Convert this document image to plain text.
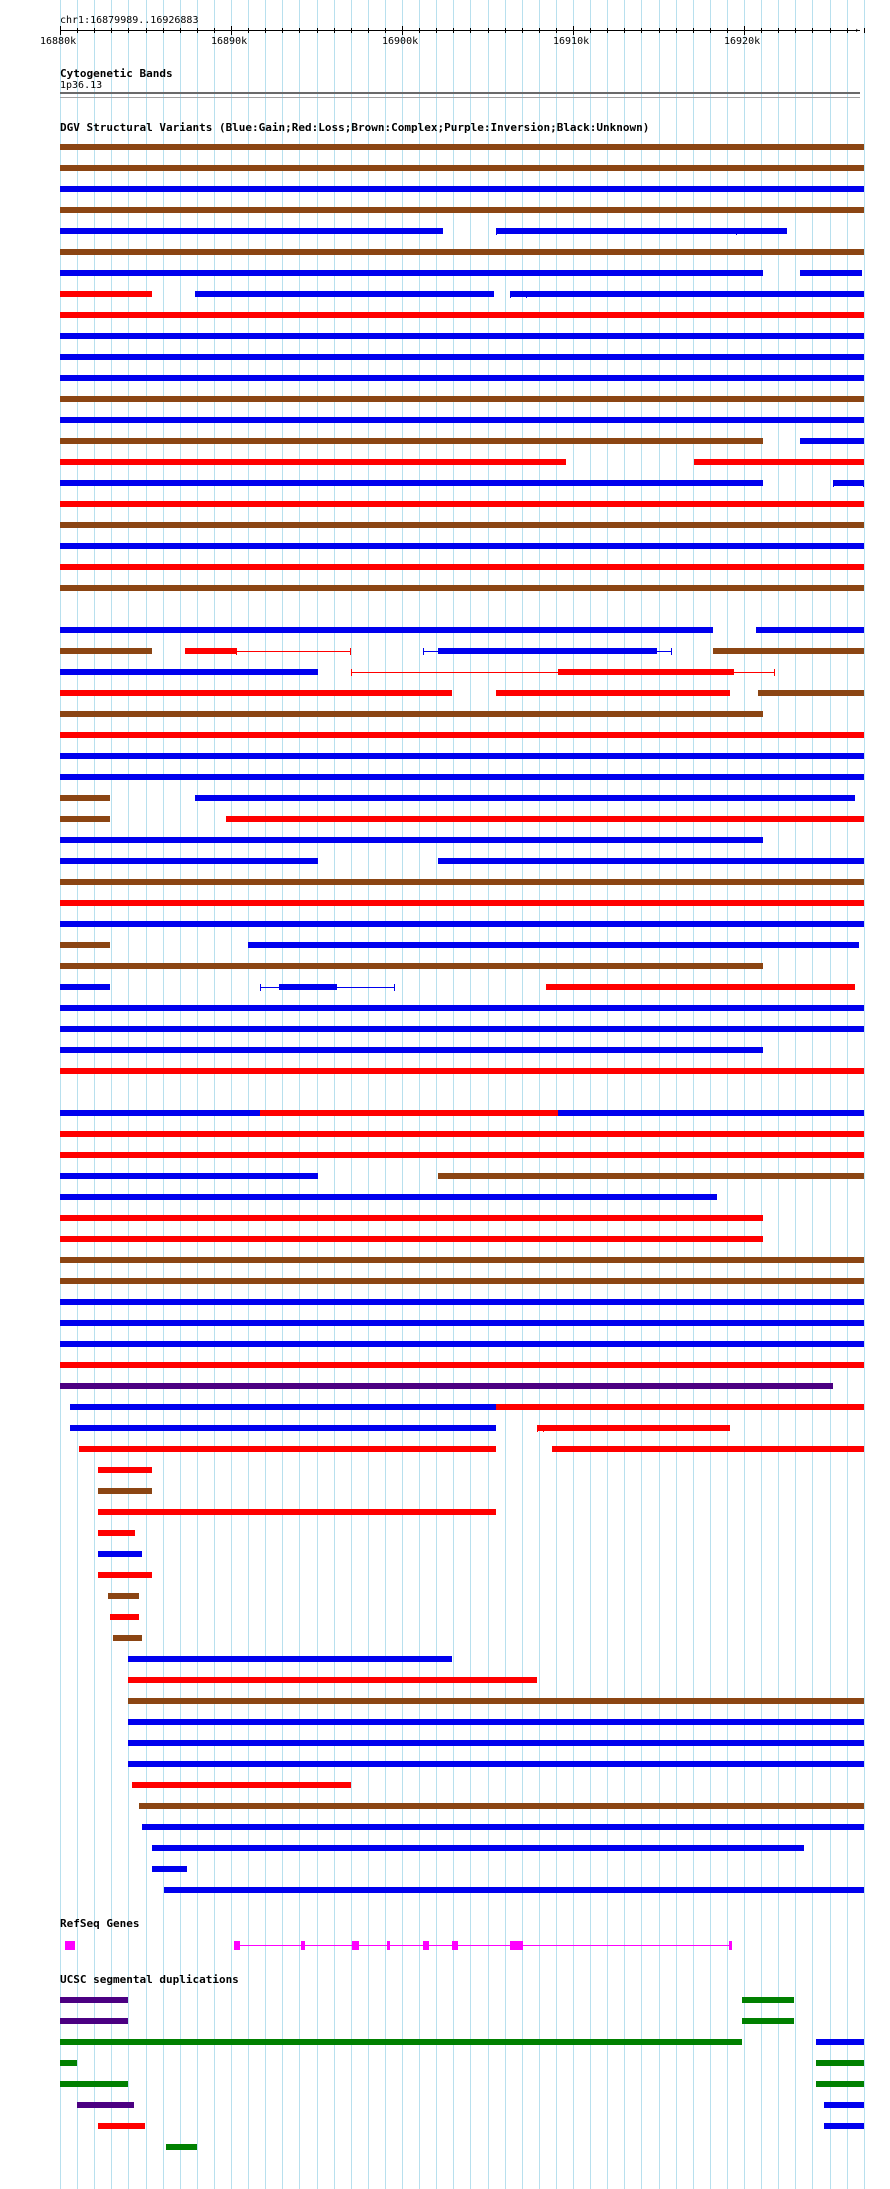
chr1:16879989..16926883
→
16880k	16890k	16900k	16910k	16920k
Cytogenetic Bands
1p36.13
DGV Structural Variants (Blue:Gain;Red:Loss;Brown:Complex;Purple:Inversion;Black:Unknown)
RefSeq Genes
UCSC segmental duplications
